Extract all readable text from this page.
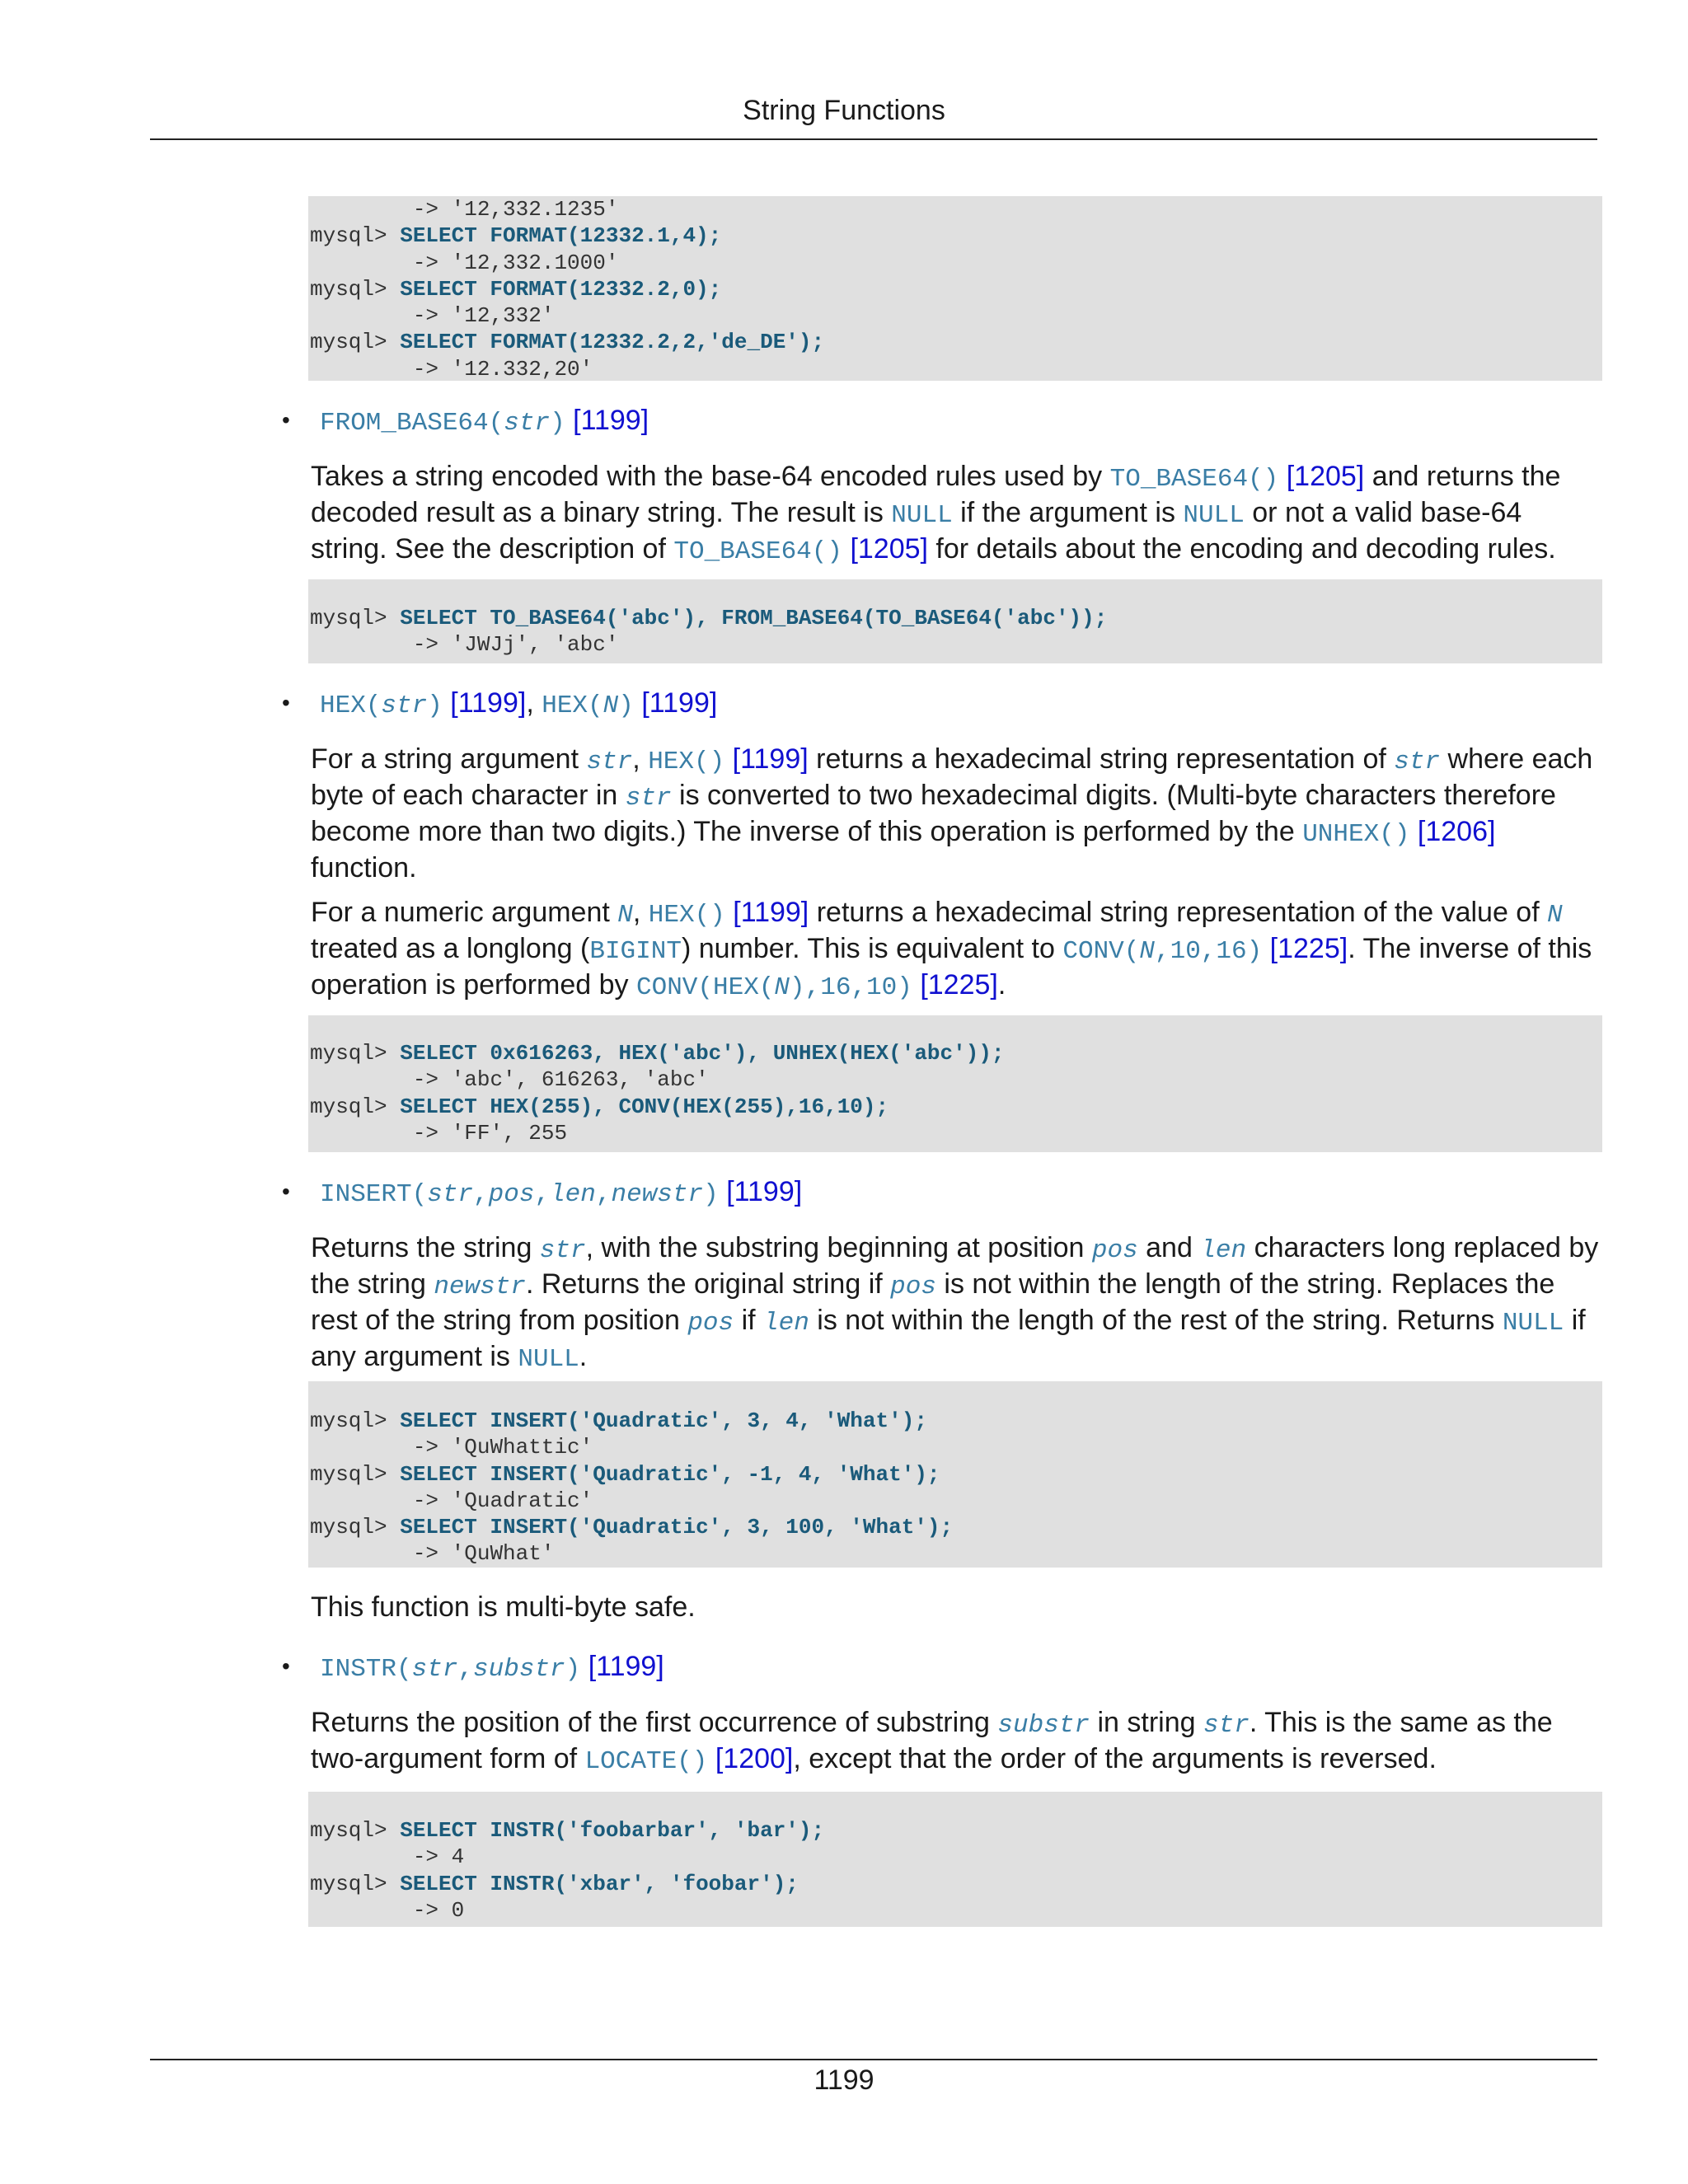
String Functions
-> '12,332.1235'
mysql> SELECT FORMAT(12332.1,4);
-> '12,332.1000'
mysql> SELECT FORMAT(12332.2,0);
-> '12,332'
mysql> SELECT FORMAT(12332.2,2,'de_DE');
-> '12.332,20'
• FROM_BASE64(str) [1199]
Takes a string encoded with the base-64 encoded rules used by TO_BASE64() [1205] and returns the decoded result as a binary string. The result is NULL if the argument is NULL or not a valid base-64 string. See the description of TO_BASE64() [1205] for details about the encoding and decoding rules.
mysql> SELECT TO_BASE64('abc'), FROM_BASE64(TO_BASE64('abc'));
-> 'JWJj', 'abc'
• HEX(str) [1199], HEX(N) [1199]
For a string argument str, HEX() [1199] returns a hexadecimal string representation of str where each byte of each character in str is converted to two hexadecimal digits. (Multi-byte characters therefore become more than two digits.) The inverse of this operation is performed by the UNHEX() [1206] function.
For a numeric argument N, HEX() [1199] returns a hexadecimal string representation of the value of N treated as a longlong (BIGINT) number. This is equivalent to CONV(N,10,16) [1225]. The inverse of this operation is performed by CONV(HEX(N),16,10) [1225].
mysql> SELECT 0x616263, HEX('abc'), UNHEX(HEX('abc'));
-> 'abc', 616263, 'abc'
mysql> SELECT HEX(255), CONV(HEX(255),16,10);
-> 'FF', 255
• INSERT(str,pos,len,newstr) [1199]
Returns the string str, with the substring beginning at position pos and len characters long replaced by the string newstr. Returns the original string if pos is not within the length of the string. Replaces the rest of the string from position pos if len is not within the length of the rest of the string. Returns NULL if any argument is NULL.
mysql> SELECT INSERT('Quadratic', 3, 4, 'What');
-> 'QuWhattic'
mysql> SELECT INSERT('Quadratic', -1, 4, 'What');
-> 'Quadratic'
mysql> SELECT INSERT('Quadratic', 3, 100, 'What');
-> 'QuWhat'
This function is multi-byte safe.
• INSTR(str,substr) [1199]
Returns the position of the first occurrence of substring substr in string str. This is the same as the two-argument form of LOCATE() [1200], except that the order of the arguments is reversed.
mysql> SELECT INSTR('foobarbar', 'bar');
-> 4
mysql> SELECT INSTR('xbar', 'foobar');
-> 0
1199
